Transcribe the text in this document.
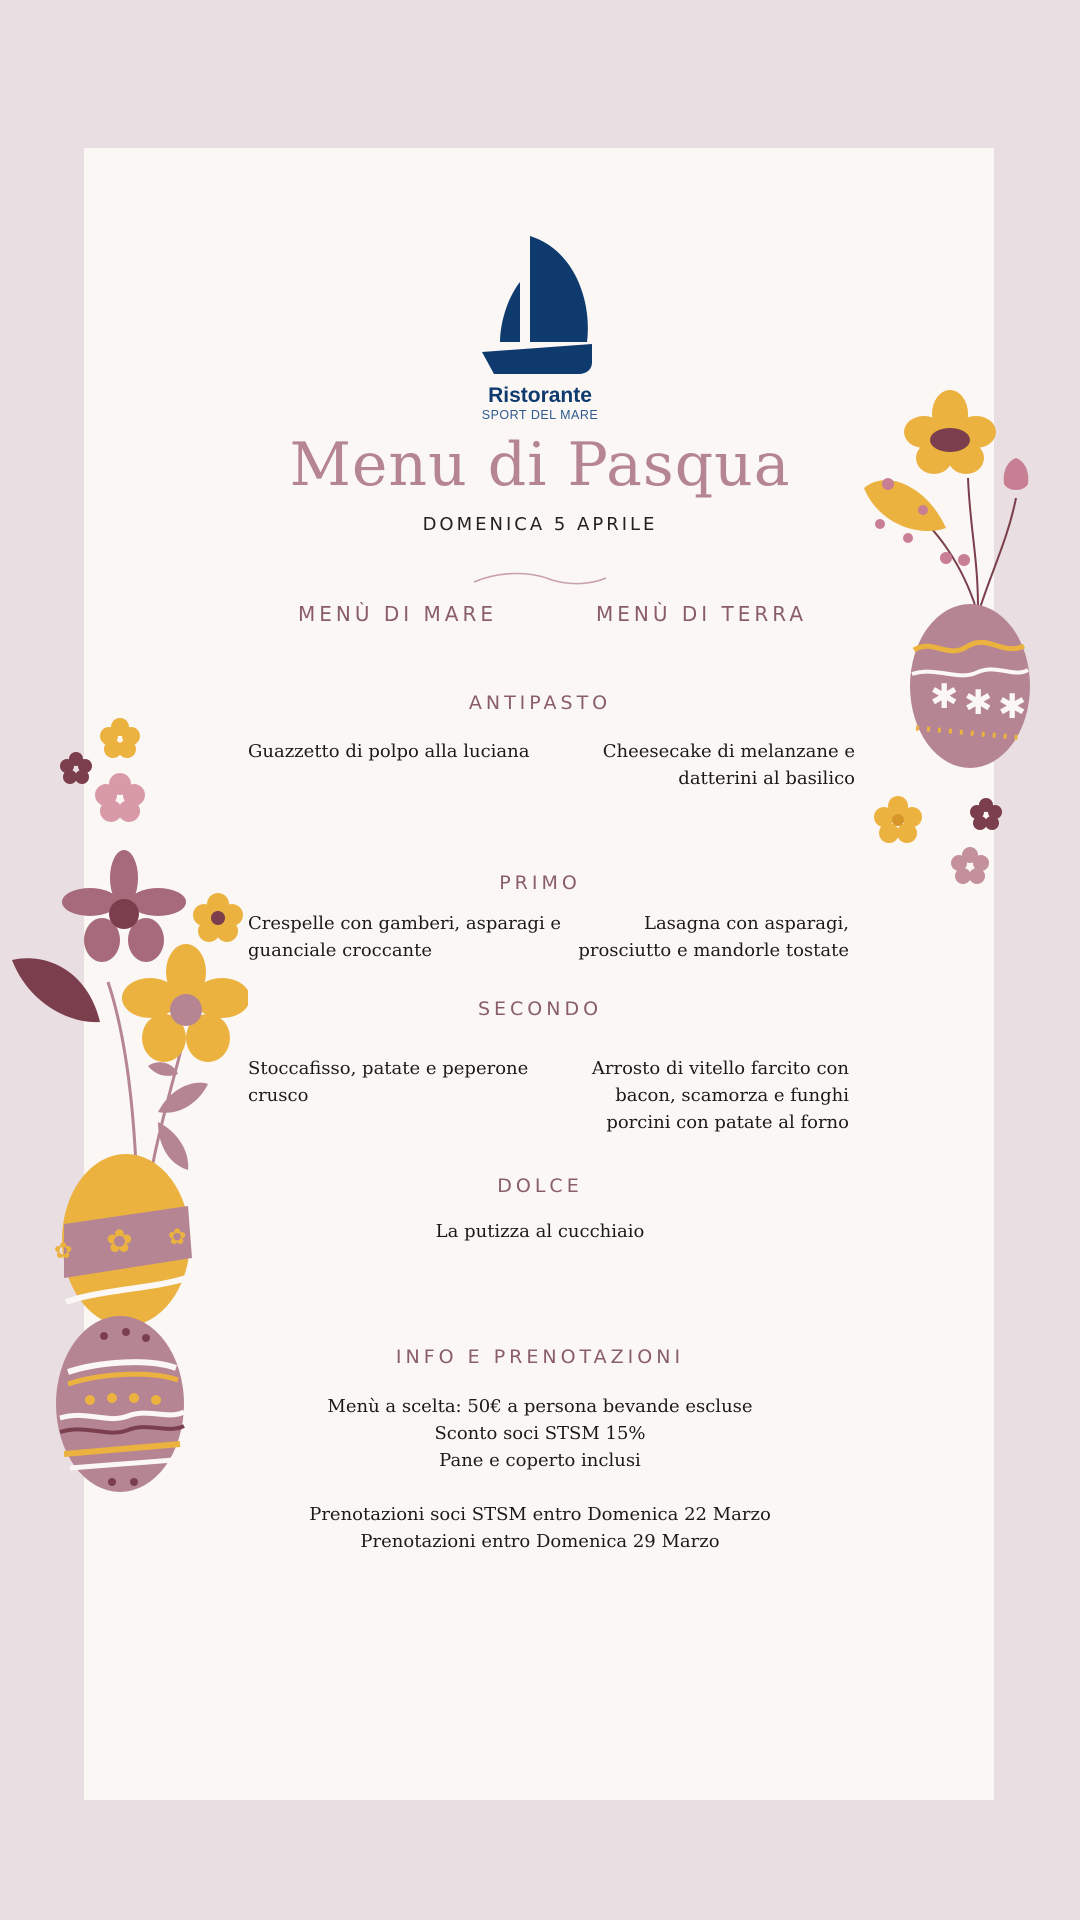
Ristorante
SPORT DEL MARE
Menu di Pasqua
DOMENICA 5 APRILE
MENÙ DI MARE	MENÙ DI TERRA
ANTIPASTO
Guazzetto di polpo alla luciana	Cheesecake di melanzane e
datterini al basilico
PRIMO
Crespelle con gamberi, asparagi e
guanciale croccante
Lasagna con asparagi,
prosciutto e mandorle tostate
SECONDO
Stoccafisso, patate e peperone
crusco
Arrosto di vitello farcito con
bacon, scamorza e funghi
porcini con patate al forno
DOLCE
La putizza al cucchiaio
INFO E PRENOTAZIONI
Menù a scelta: 50€ a persona bevande escluse
Sconto soci STSM 15%
Pane e coperto inclusi
Prenotazioni soci STSM entro Domenica 22 Marzo
Prenotazioni entro Domenica 29 Marzo
✱ ✱ ✱
✿
✿
✿
